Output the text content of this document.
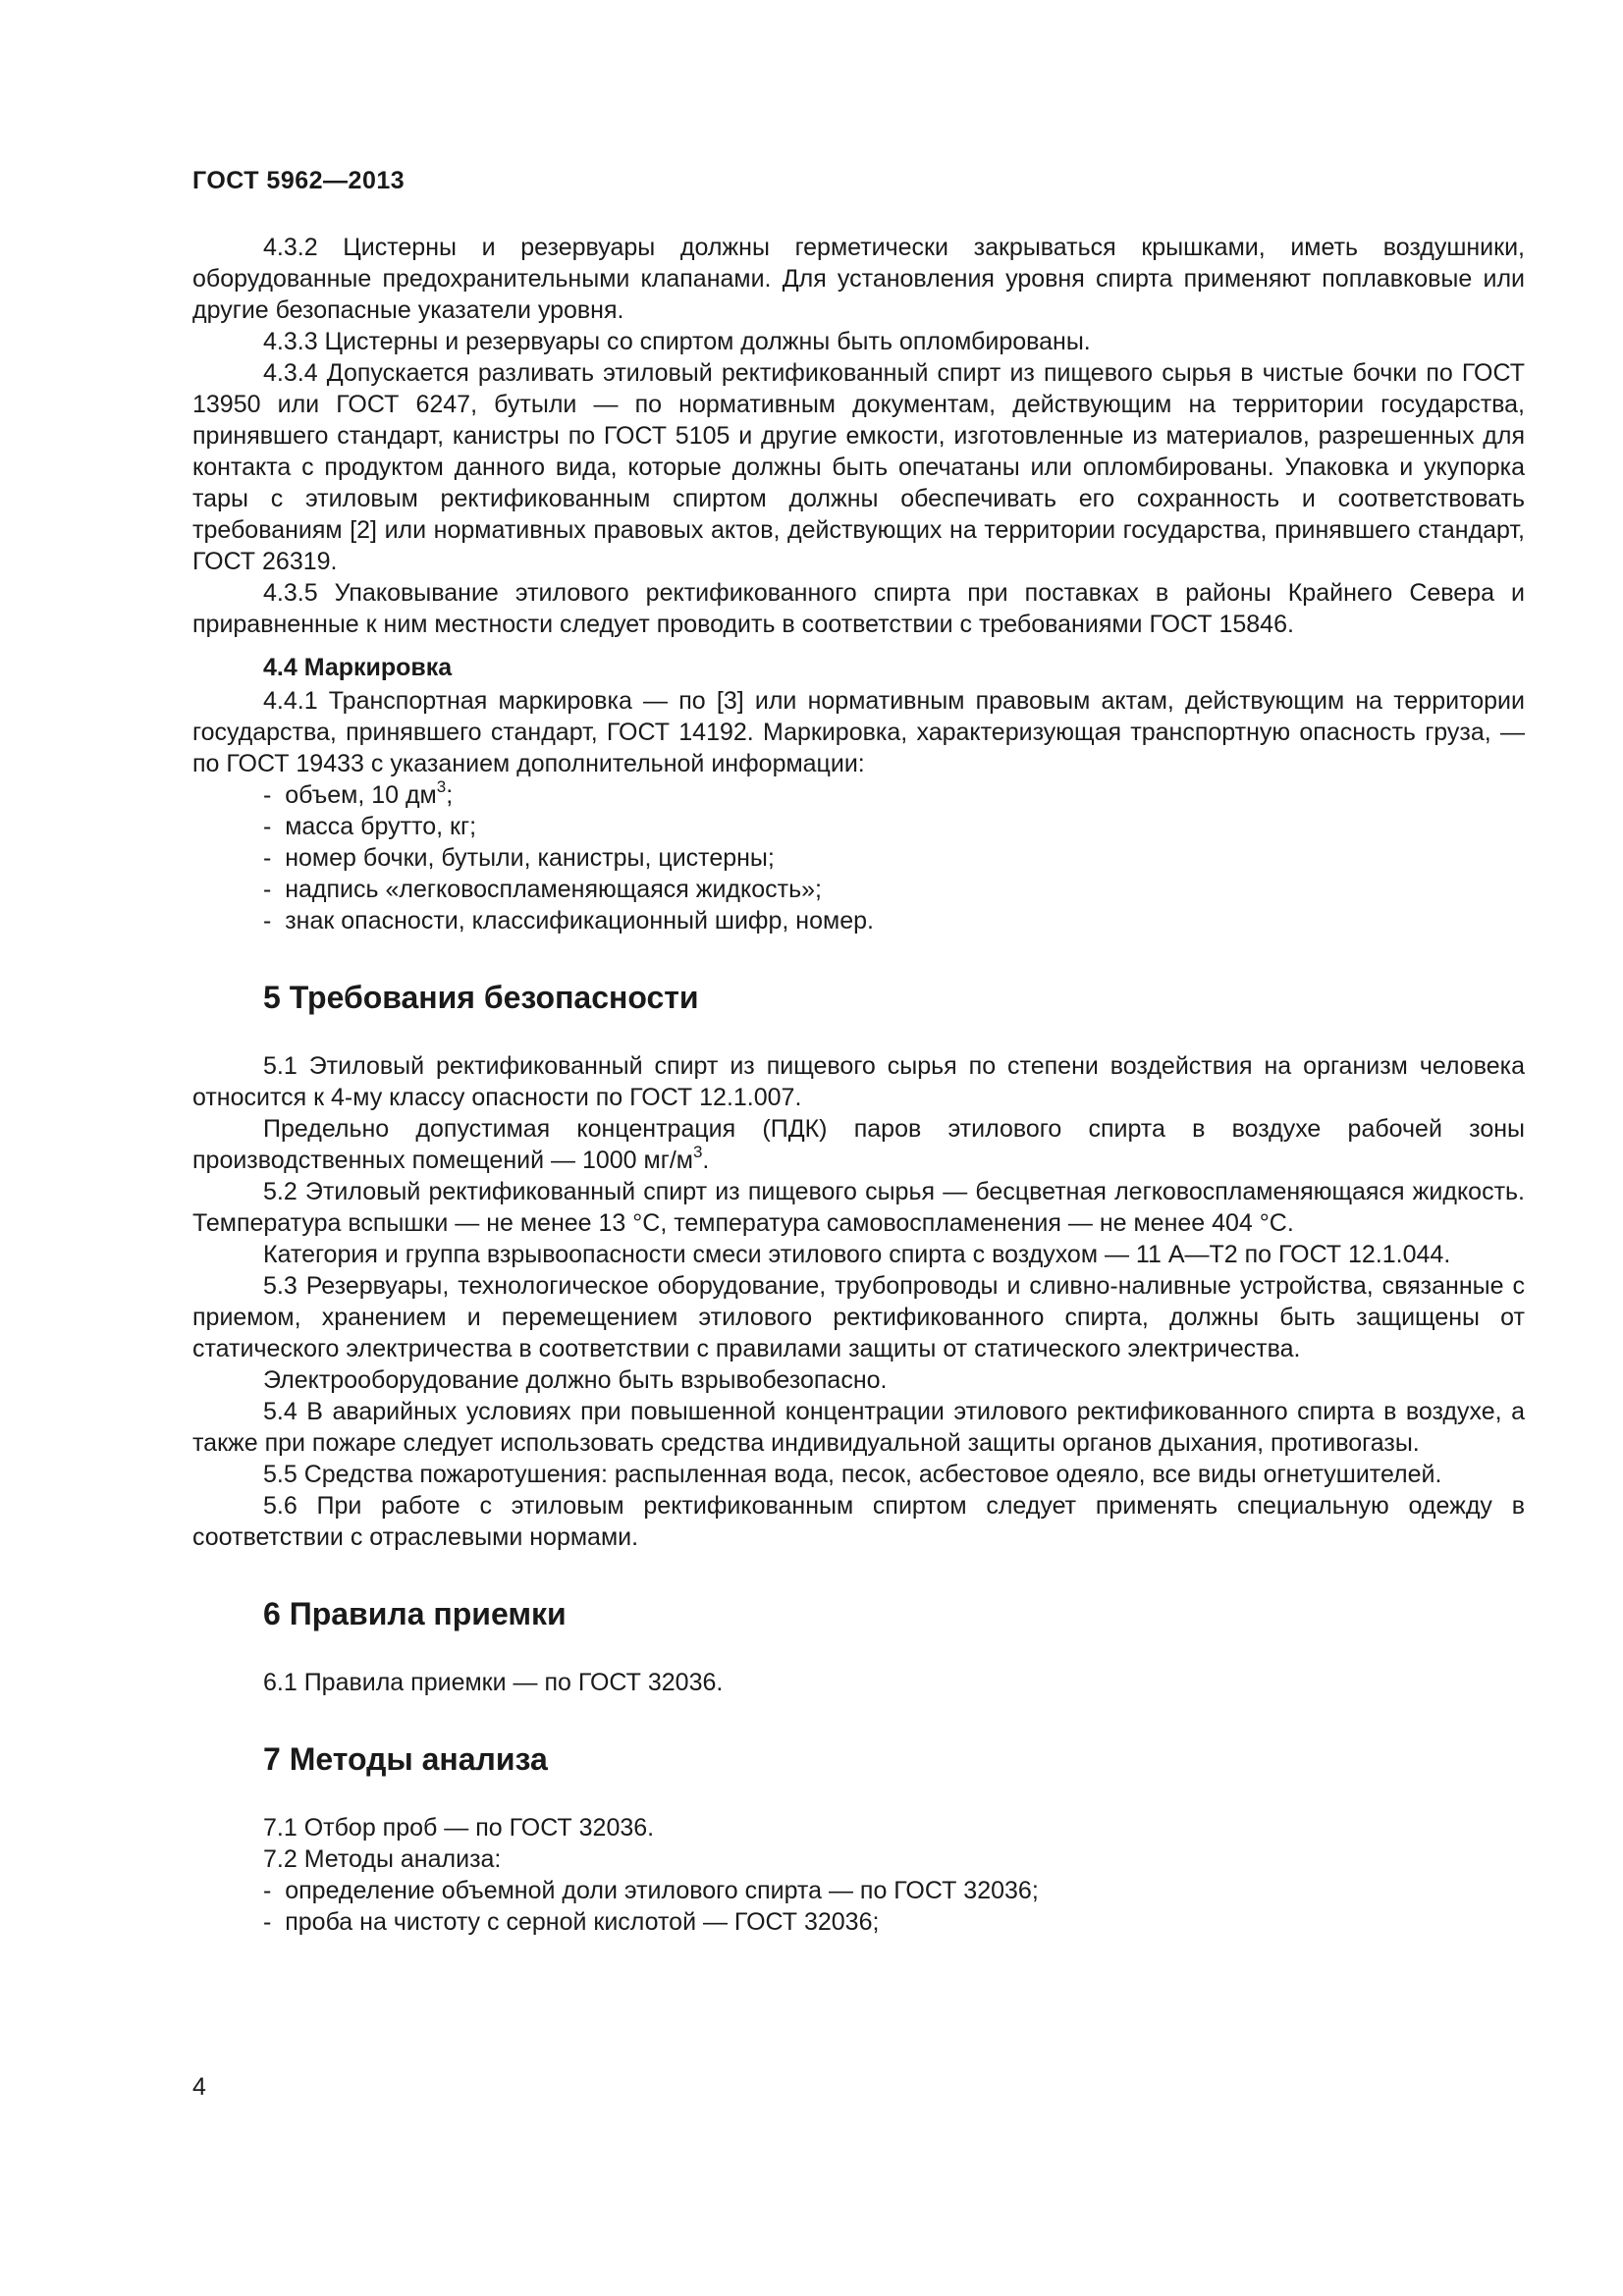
ГОСТ 5962—2013

4.3.2 Цистерны и резервуары должны герметически закрываться крышками, иметь воздушники, оборудованные предохранительными клапанами. Для установления уровня спирта применяют поплавковые или другие безопасные указатели уровня.

4.3.3 Цистерны и резервуары со спиртом должны быть опломбированы.

4.3.4 Допускается разливать этиловый ректификованный спирт из пищевого сырья в чистые бочки по ГОСТ 13950 или ГОСТ 6247, бутыли — по нормативным документам, действующим на территории государства, принявшего стандарт, канистры по ГОСТ 5105 и другие емкости, изготовленные из материалов, разрешенных для контакта с продуктом данного вида, которые должны быть опечатаны или опломбированы. Упаковка и укупорка тары с этиловым ректификованным спиртом должны обеспечивать его сохранность и соответствовать требованиям [2] или нормативных правовых актов, действующих на территории государства, принявшего стандарт, ГОСТ 26319.

4.3.5 Упаковывание этилового ректификованного спирта при поставках в районы Крайнего Севера и приравненные к ним местности следует проводить в соответствии с требованиями ГОСТ 15846.

4.4 Маркировка

4.4.1 Транспортная маркировка — по [3] или нормативным правовым актам, действующим на территории государства, принявшего стандарт, ГОСТ 14192. Маркировка, характеризующая транспортную опасность груза, — по ГОСТ 19433 с указанием дополнительной информации:

-  объем, 10 $дм^3$;
-  масса брутто, кг;
-  номер бочки, бутыли, канистры, цистерны;
-  надпись «легковоспламеняющаяся жидкость»;
-  знак опасности, классификационный шифр, номер.
5 Требования безопасности

5.1 Этиловый ректификованный спирт из пищевого сырья по степени воздействия на организм человека относится к 4-му классу опасности по ГОСТ 12.1.007.

Предельно допустимая концентрация (ПДК) паров этилового спирта в воздухе рабочей зоны производственных помещений — 1000 $мг/м^3$.

5.2 Этиловый ректификованный спирт из пищевого сырья — бесцветная легковоспламеняющаяся жидкость. Температура вспышки — не менее 13 °С, температура самовоспламенения — не менее 404 °С.

Категория и группа взрывоопасности смеси этилового спирта с воздухом — 11 А—Т2 по ГОСТ 12.1.044.

5.3 Резервуары, технологическое оборудование, трубопроводы и сливно-наливные устройства, связанные с приемом, хранением и перемещением этилового ректификованного спирта, должны быть защищены от статического электричества в соответствии с правилами защиты от статического электричества.

Электрооборудование должно быть взрывобезопасно.

5.4 В аварийных условиях при повышенной концентрации этилового ректификованного спирта в воздухе, а также при пожаре следует использовать средства индивидуальной защиты органов дыхания, противогазы.

5.5 Средства пожаротушения: распыленная вода, песок, асбестовое одеяло, все виды огнетушителей.

5.6 При работе с этиловым ректификованным спиртом следует применять специальную одежду в соответствии с отраслевыми нормами.

6 Правила приемки

6.1 Правила приемки — по ГОСТ 32036.

7 Методы анализа

7.1 Отбор проб — по ГОСТ 32036.

7.2 Методы анализа:

-  определение объемной доли этилового спирта — по ГОСТ 32036;
-  проба на чистоту с серной кислотой — ГОСТ 32036;
4
